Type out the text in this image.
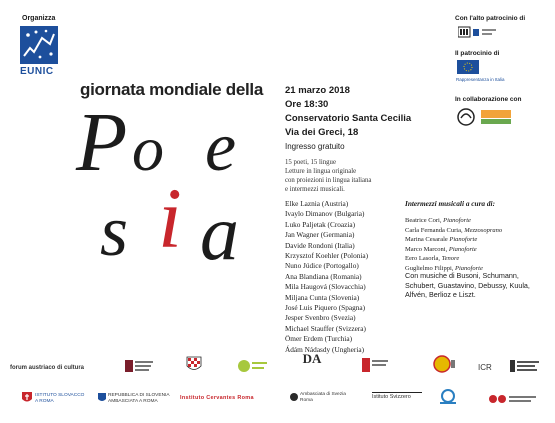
Organizza
EUNIC
giornata mondiale della
P o e
s i a
21 marzo 2018
Ore 18:30
Conservatorio Santa Cecilia
Via dei Greci, 18
Ingresso gratuito
15 poeti, 15 lingue
Letture in lingua originale
con proiezioni in lingua italiana
e intermezzi musicali.
Elke Laznia (Austria)
Ivaylo Dimanov (Bulgaria)
Luko Paljetak (Croazia)
Jan Wagner (Germania)
Davide Rondoni (Italia)
Krzysztof Koehler (Polonia)
Nuno Júdice (Portogallo)
Ana Blandiana (Romania)
Mila Haugová (Slovacchia)
Miljana Cunta (Slovenia)
José Luis Piquero (Spagna)
Jesper Svenbro (Svezia)
Michael Stauffer (Svizzera)
Ömer Erdem (Turchia)
Ádám Nádasdy (Ungheria)
Intermezzi musicali a cura di:
Beatrice Cori, Pianoforte
Carla Fernanda Curia, Mezzosoprano
Marina Cesarale Pianoforte
Marco Marconi, Pianoforte
Eero Lasorla, Tenore
Guglielmo Filippi, Pianoforte
Con musiche di Busoni, Schumann, Schubert, Guastavino, Debussy, Kuula, Alfvén, Berlioz e Liszt.
Con l'alto patrocinio di
Il patrocinio di
Rappresentanza in Italia
In collaborazione con
forum austriaco di cultura
DA
ICR
ISTITUTO SLOVACCO A ROMA
REPUBBLICA DI SLOVENIA AMBASCIATA A ROMA
Instituto Cervantes Roma
Ambasciata di Svezia Roma
Istituto Svizzero
